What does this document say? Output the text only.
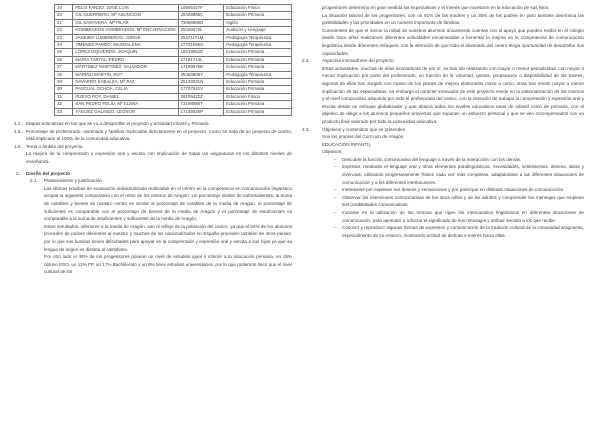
19	FELIX FANDO, JOSÉ LUIS	10845427F	Educación Física
20	GIL GUERRERO, Mª ASUNCIÓN	25428866C	Educación Primaria
21	GIL SARAVERA, Mª PILAR	73068885D	Inglés
22	HOMBRADOS HOMBRADOS, Mª ENCARNACIÓN	25436570L	Audición y Lenguaje
23	JANEIRO LUMBRERAS, JORGE	25471171M	Pedagogía Terapéutica
24	JIMENEZ PARDO, MAGDALENA	17701556G	Pedagogía Terapéutica
25	LÓPEZ IZQUIERDO, JOAQUÍN	18419652D	Educación Primaria
26	MARIA TARTAL, PEDRO	17191714L	Educación Primaria
27	MARTÍNEZ MARTÍNEZ, SALVADOR	17199876E	Educación Primaria
28	MARÍÑO MARTÍN, RUT	25483608Y	Pedagogía Terapéutica
29	NAVARRO SABALZA, Mª PAZ	25133031N	Educación Primaria
30	PASCUAL OCHOA, CELIA	17707542V	Educación Primaria
31	PUEYO ROY, DANIEL	29109422Z	Educación Física
32	SAN PEDRO FELIU, Mª ELENA	73198086T	Educación Primaria
33	YAGÜEZ GALINDO, LEONOR	17148026P	Educación Primaria
1.4. Etapas educativas en las que se va a desarrollar el proyecto y actividad Infantil y Primaria.
1.5. Porcentaje de profesorado, alumnado y familias implicadas directamente en el proyecto. Como se trata de un proyecto de centro, está implicado el 100% de la comunidad educativa.
1.6. Tema o ámbito del proyecto.
La mejora de la comprensión y expresión oral y escrita con implicación de todas las asignaturas en los distintos niveles de enseñanza.
2. Diseño del proyecto
2.1. Planteamiento y justificación
Las últimas pruebas de evaluación individualizada realizadas en el centro en la competencia en comunicación lingüística arrojan la siguiente comparativa con el resto de los centros de Aragón: Un porcentaje similar de sobresalientes, la suma de notables y bienes de nuestro centro es similar al porcentaje de notables de la media de Aragón, el porcentaje de suficientes es comparable con el porcentaje de bienes de la media de Aragón y el porcentaje de insuficientes es comparable a la suma de insuficientes y suficientes de la media de Aragón.
Estos resultados, inferiores a la media de Aragón, son el reflejo de la población del centro, ya que el 54% de los alumnos proceden de países diferentes al nuestro y muchos de los nacionalizados en España proceden también de otros países, por lo que sus familias tienen dificultades para apoyar en la comprensión y expresión oral y escrita a sus hijos ya que su lengua de origen es distinta al castellano.
Por otro lado el 48% de los progenitores posean un nivel de estudios igual o inferior a la educación primaria, un 15% obtuvo ESO, un 11% FP, un 17% Bachillerato y un 9% tiene estudios universitarios, por lo que podemos decir que el nivel cultural de los
progenitores determina en gran medida las expectativas y el interés que muestran en la educación de sus hijos.
La situación laboral de los progenitores, con un 61% de las madres y un 36% de los padres en paro también determina las posibilidades y las prioridades en un número importante de familias.
Conscientes de que el menor la mitad de nuestros alumnos únicamente cuentan con el apoyo que pueden recibir en el colegio desde hace años realizamos diferentes actividades encaminadas a fomentar la mejora en la competencia de comunicación lingüística desde diferentes enfoques, con la intención de que todo el alumnado del centro tenga oportunidad de desarrollar sus capacidades.
2.2.	Aspectos innovadores del proyecto
Estas actividades, muchas de ellas innovadoras de por sí, se han ido realizando con mayor o menor periodicidad, con mayor o menor implicación por parte del profesorado, en función de la voluntad, gustos, preparación o disponibilidad de los tutores, algunas de ellas han surgido con motivo de los planes de mejora elaborados curso a curso, otras han tenido mayor o menor implicación de las especialistas, en embargo el carácter innovador de este proyecto reside en la sistematización de los mismos y el nivel compromiso adquirido por todo el profesorado del centro, con la intención de trabajar la comprensión y expresión oral y escrita desde un enfoque globalizador y que abarca todos los niveles educativos tanto de infantil como de primaria, con el objetivo de dirigir a los alumnos pequeños proyectos que suponen un esfuerzo personal y que se ven recompensados con un producto final valorado por toda la comunidad educativa.
2.3.	Objetivos y contenidos que se pretenden.
Son los propios del Currículo de Aragón:
EDUCACIÓN INFANTIL
Objetivos:
– Descubrir la función comunicativa del lenguaje a través de la interacción con los demás.
– Expresar, mediante el lenguaje oral y otras elementos paralingüísticos, necesidades, sentimientos, deseos, ideas y vivencias, utilizando progresivamente frases cada vez más completas, adaptándose a las diferentes situaciones de comunicación y a los diferentes interlocutores.
– Interesarse por expresar sus deseos y sensaciones y por participar en distintas situaciones de comunicación.
– Observar las intenciones comunicativas de los otros niños y de los adultos y comprender los mensajes que emplean sus posibilidades comunicativas.
– Iniciarse en la utilización de las normas que rigen los intercambios lingüísticos en diferentes situaciones de comunicación, para aprender a reforzar el significado de sus mensajes y atribuir sentido a los que recibe.
– Conocer y reproducir algunas formas de expresión y comunicación de la tradición cultural de la comunidad aragonesa, especialmente de su entorno, mostrando actitud de disfrute e interés hacia ellas.
